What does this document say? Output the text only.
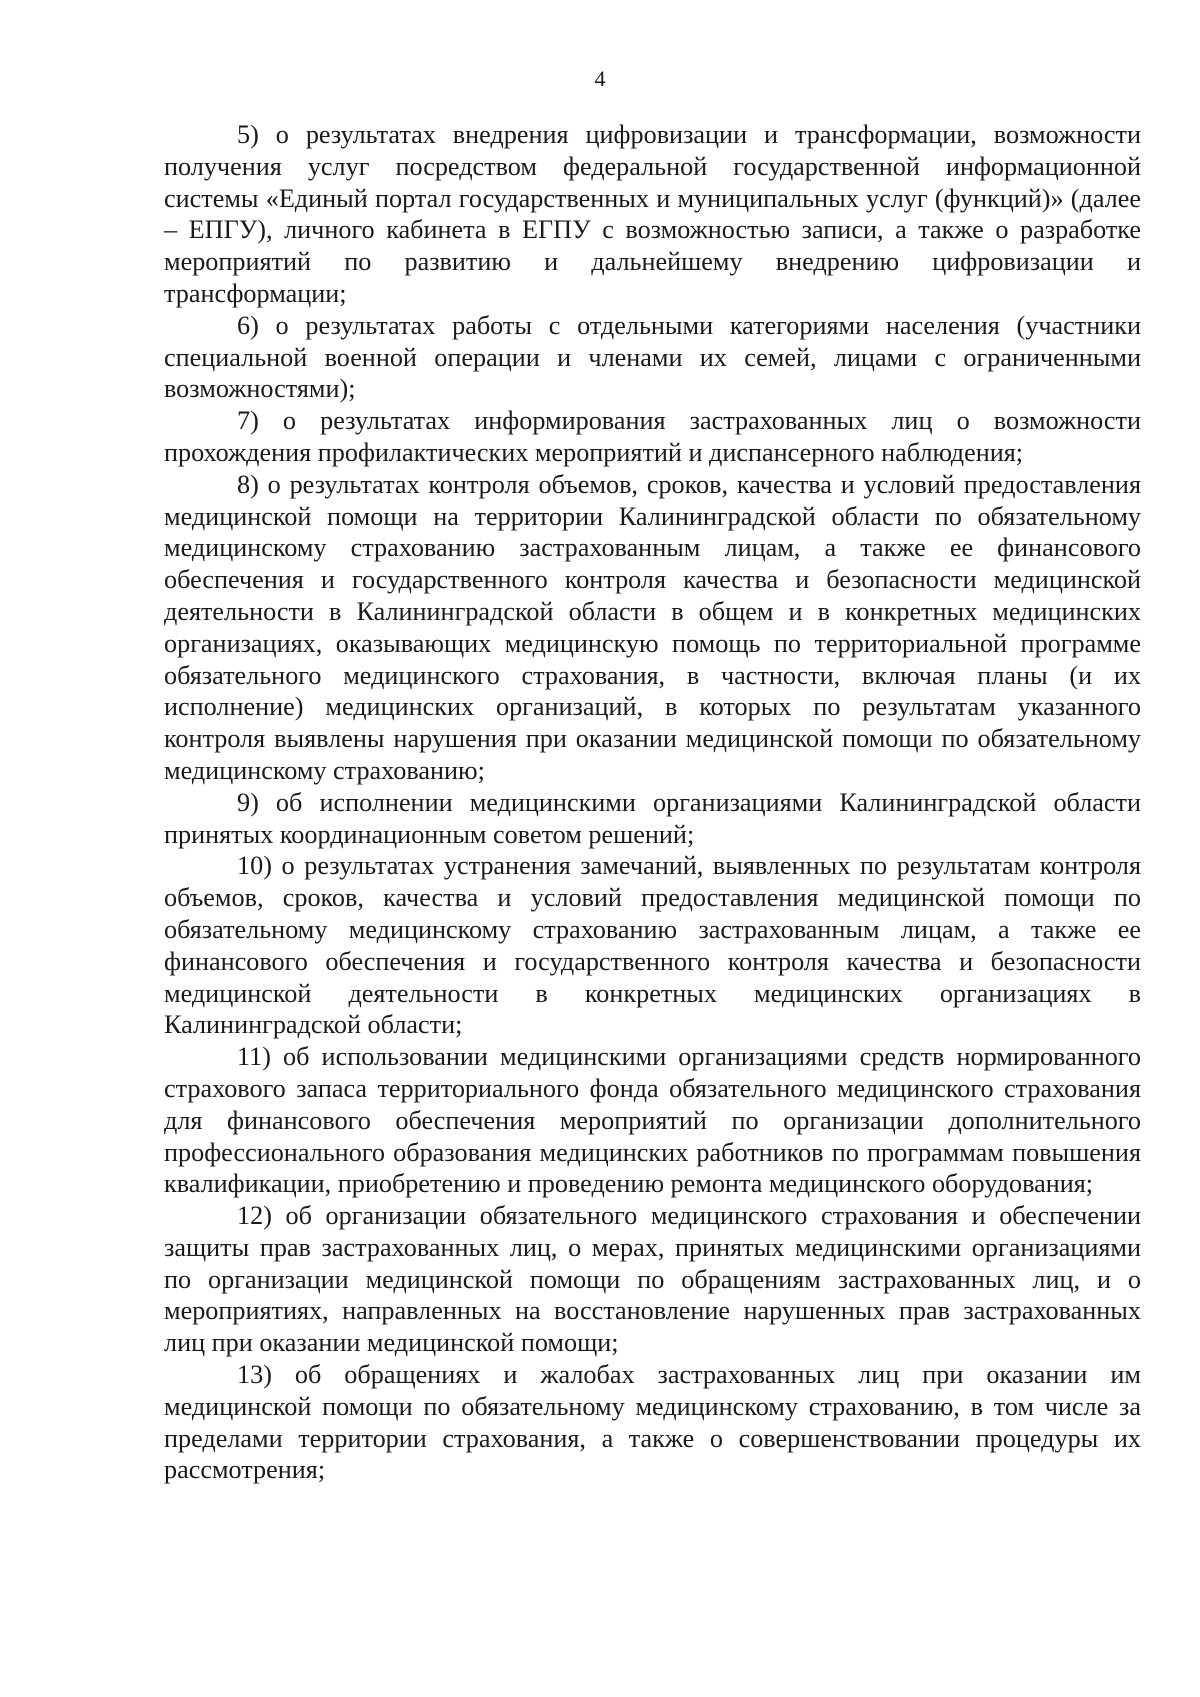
4

5) о результатах внедрения цифровизации и трансформации, возможности получения услуг посредством федеральной государственной информационной системы «Единый портал государственных и муниципальных услуг (функций)» (далее – ЕПГУ), личного кабинета в ЕГПУ с возможностью записи, а также о разработке мероприятий по развитию и дальнейшему внедрению цифровизации и трансформации;

6) о результатах работы с отдельными категориями населения (участники специальной военной операции и членами их семей, лицами с ограниченными возможностями);

7) о результатах информирования застрахованных лиц о возможности прохождения профилактических мероприятий и диспансерного наблюдения;

8) о результатах контроля объемов, сроков, качества и условий предоставления медицинской помощи на территории Калининградской области по обязательному медицинскому страхованию застрахованным лицам, а также ее финансового обеспечения и государственного контроля качества и безопасности медицинской деятельности в Калининградской области в общем и в конкретных медицинских организациях, оказывающих медицинскую помощь по территориальной программе обязательного медицинского страхования, в частности, включая планы (и их исполнение) медицинских организаций, в которых по результатам указанного контроля выявлены нарушения при оказании медицинской помощи по обязательному медицинскому страхованию;

9) об исполнении медицинскими организациями Калининградской области принятых координационным советом решений;

10) о результатах устранения замечаний, выявленных по результатам контроля объемов, сроков, качества и условий предоставления медицинской помощи по обязательному медицинскому страхованию застрахованным лицам, а также ее финансового обеспечения и государственного контроля качества и безопасности медицинской деятельности в конкретных медицинских организациях в Калининградской области;

11) об использовании медицинскими организациями средств нормированного страхового запаса территориального фонда обязательного медицинского страхования для финансового обеспечения мероприятий по организации дополнительного профессионального образования медицинских работников по программам повышения квалификации, приобретению и проведению ремонта медицинского оборудования;

12) об организации обязательного медицинского страхования и обеспечении защиты прав застрахованных лиц, о мерах, принятых медицинскими организациями по организации медицинской помощи по обращениям застрахованных лиц, и о мероприятиях, направленных на восстановление нарушенных прав застрахованных лиц при оказании медицинской помощи;

13) об обращениях и жалобах застрахованных лиц при оказании им медицинской помощи по обязательному медицинскому страхованию, в том числе за пределами территории страхования, а также о совершенствовании процедуры их рассмотрения;
